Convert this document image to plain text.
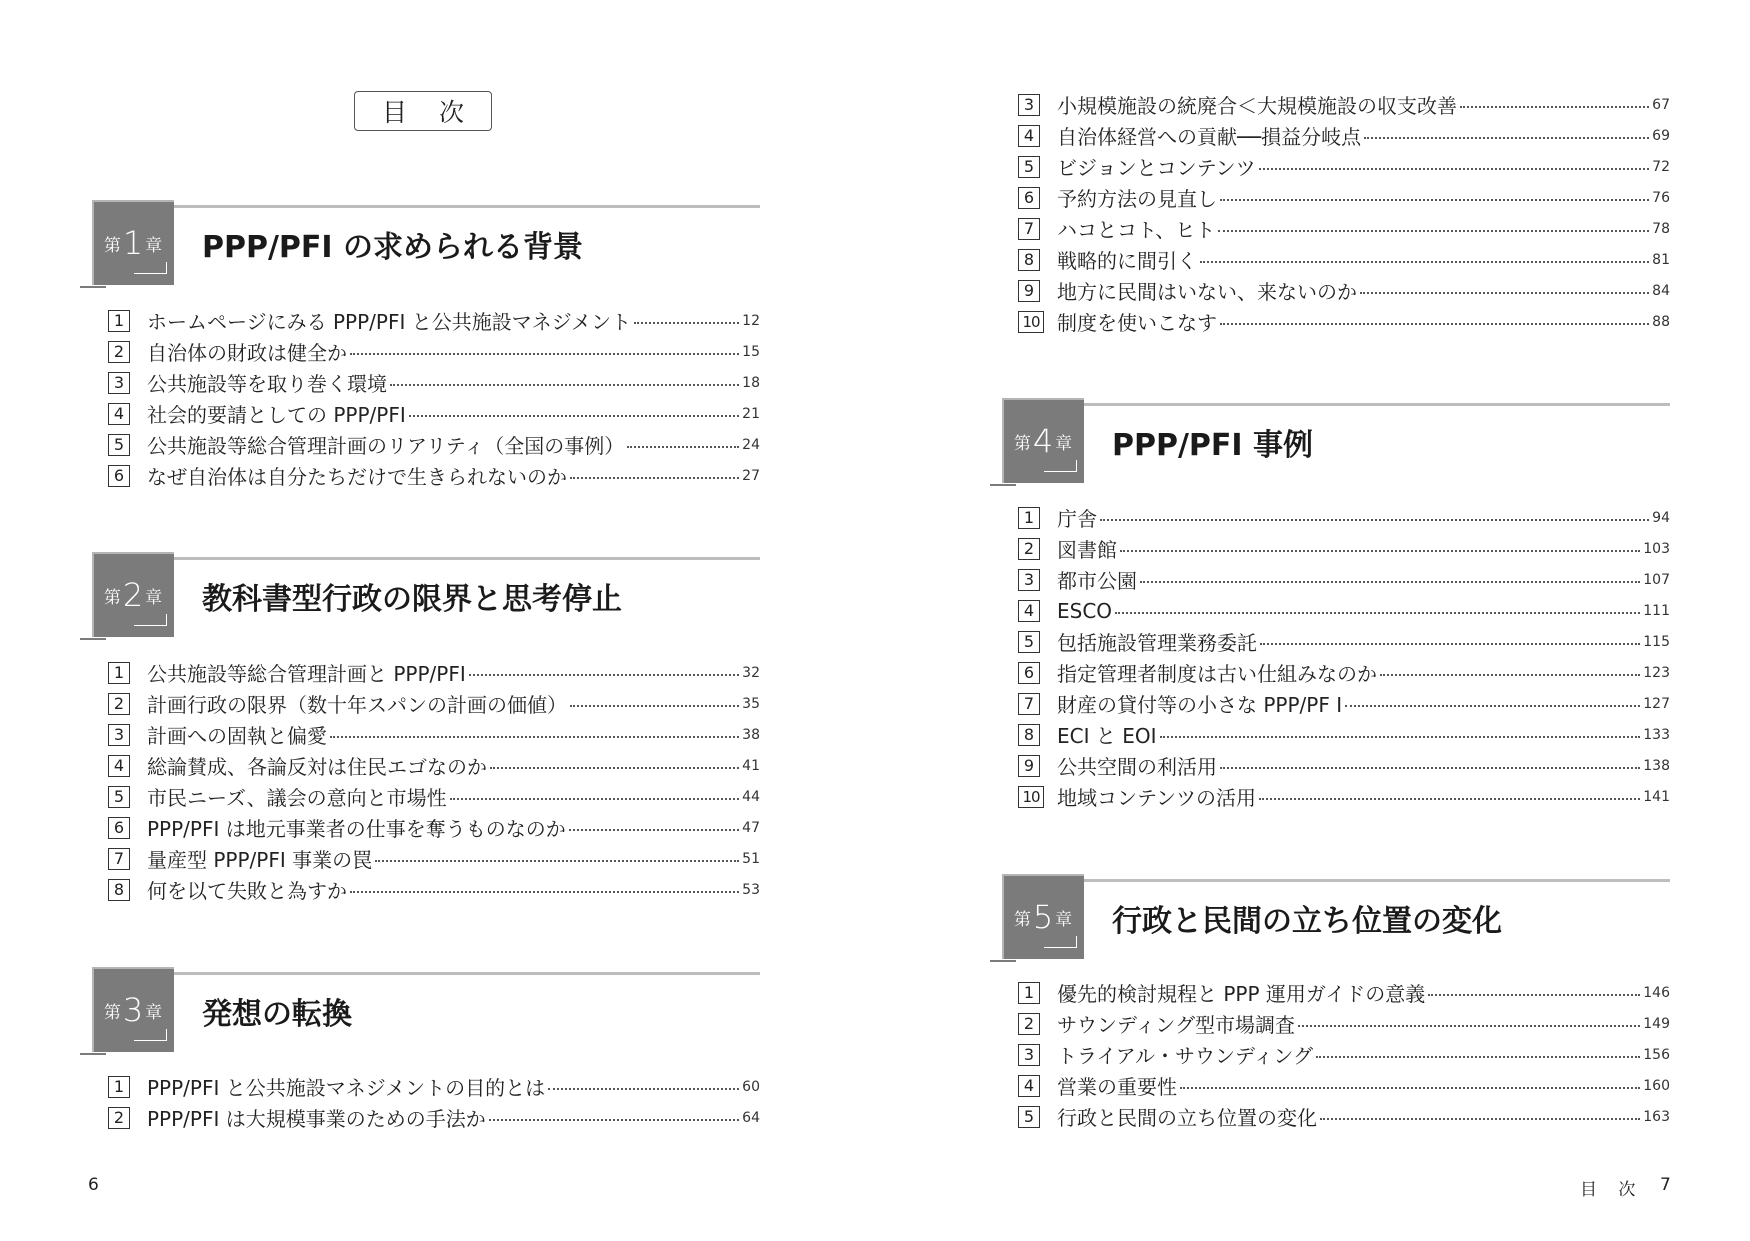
目 次
第 1 章 PPP/PFI の求められる背景
1 ホームページにみる PPP/PFI と公共施設マネジメント	12
2 自治体の財政は健全か	15
3 公共施設等を取り巻く環境	18
4 社会的要請としての PPP/PFI	21
5 公共施設等総合管理計画のリアリティ（全国の事例）	24
6 なぜ自治体は自分たちだけで生きられないのか	27
第 2 章 教科書型行政の限界と思考停止
1 公共施設等総合管理計画と PPP/PFI	32
2 計画行政の限界（数十年スパンの計画の価値）	35
3 計画への固執と偏愛	38
4 総論賛成、各論反対は住民エゴなのか	41
5 市民ニーズ、議会の意向と市場性	44
6 PPP/PFI は地元事業者の仕事を奪うものなのか	47
7 量産型 PPP/PFI 事業の罠	51
8 何を以て失敗と為すか	53
第 3 章 発想の転換
1 PPP/PFI と公共施設マネジメントの目的とは	60
2 PPP/PFI は大規模事業のための手法か	64
6
3 小規模施設の統廃合＜大規模施設の収支改善	67
4 自治体経営への貢献──損益分岐点	69
5 ビジョンとコンテンツ	72
6 予約方法の見直し	76
7 ハコとコト、ヒト	78
8 戦略的に間引く	81
9 地方に民間はいない、来ないのか	84
10 制度を使いこなす	88
第 4 章 PPP/PFI 事例
1 庁舎	94
2 図書館	103
3 都市公園	107
4 ESCO	111
5 包括施設管理業務委託	115
6 指定管理者制度は古い仕組みなのか	123
7 財産の貸付等の小さな PPP/PF I	127
8 ECI と EOI	133
9 公共空間の利活用	138
10 地域コンテンツの活用	141
第 5 章 行政と民間の立ち位置の変化
1 優先的検討規程と PPP 運用ガイドの意義	146
2 サウンディング型市場調査	149
3 トライアル・サウンディング	156
4 営業の重要性	160
5 行政と民間の立ち位置の変化	163
目 次 7
